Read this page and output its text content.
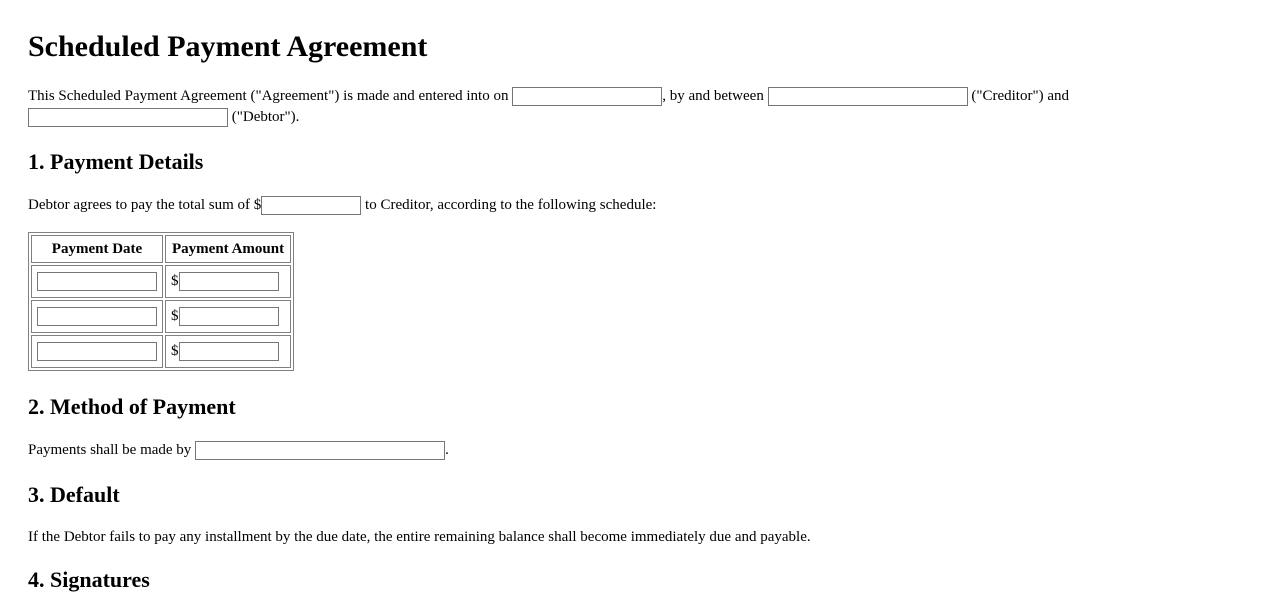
Scheduled Payment Agreement
This Scheduled Payment Agreement ("Agreement") is made and entered into on	, by and between	("Creditor") and
("Debtor").
1. Payment Details
Debtor agrees to pay the total sum of $	to Creditor, according to the following schedule:
Payment Date	Payment Amount
	$
	$
	$
2. Method of Payment
Payments shall be made by	.
3. Default
If the Debtor fails to pay any installment by the due date, the entire remaining balance shall become immediately due and payable.
4. Signatures
